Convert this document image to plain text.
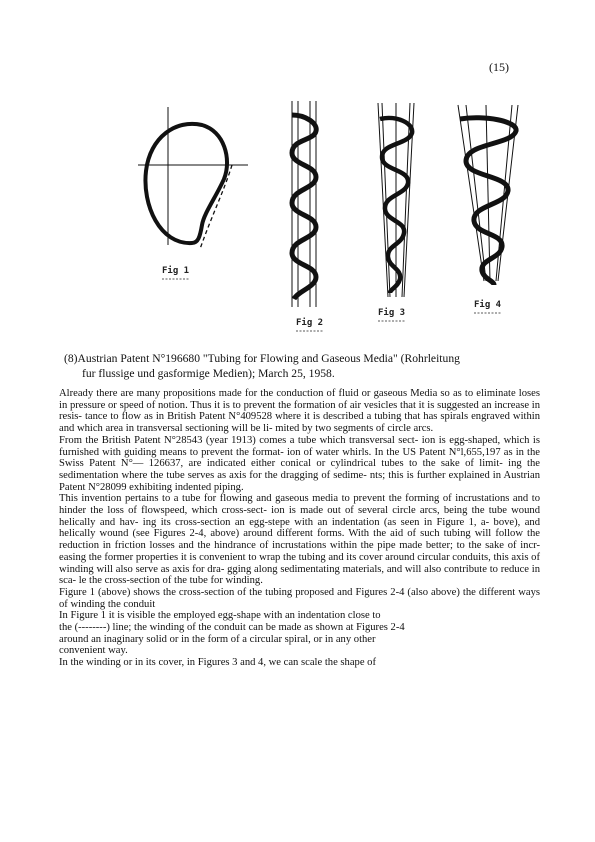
(15)
Fig 1
Fig 2
Fig 3
Fig 4
(8)Austrian Patent N°196680 "Tubing for Flowing and Gaseous Media" (Rohrleitung
fur flussige und gasformige Medien); March 25, 1958.

Already there are many propositions made for the conduction of fluid or gaseous Media so as to eliminate loses in pressure or speed of notion. Thus it is to prevent the formation of air vesicles that it is suggested an increase in resis- tance to flow as in British Patent N°409528 where it is described a tubing that has spirals engraved within and which area in transversal sectioning will be li- mited by two segments of circle arcs.

From the British Patent N°28543 (year 1913) comes a tube which transversal sect- ion is egg-shaped, which is furnished with guiding means to prevent the format- ion of water whirls. In the US Patent N°l,655,197 as in the Swiss Patent N°— 126637, are indicated either conical or cylindrical tubes to the sake of limit- ing the sedimentation where the tube serves as axis for the dragging of sedime- nts; this is further explained in Austrian Patent N°28099 exhibiting indented piping.

This invention pertains to a tube for flowing and gaseous media to prevent the forming of incrustations and to hinder the loss of flowspeed, which cross-sect- ion is made out of several circle arcs, being the tube wound helically and hav- ing its cross-section an egg-stepe with an indentation (as seen in Figure 1, a- bove), and helically wound (see Figures 2-4, above) around different forms. With the aid of such tubing will follow the reduction in friction losses and the hindrance of incrustations within the pipe made better; to the sake of incr- easing the former properties it is convenient to wrap the tubing and its cover around circular conduits, this axis of winding will also serve as axis for dra- gging along sedimentating materials, and will also contribute to reduce in sca- le the cross-section of the tube for winding.

Figure 1 (above) shows the cross-section of the tubing proposed and Figures 2-4 (also above) the different ways of winding the conduit

In Figure 1 it is visible the employed egg-shape with an indentation close to
the (--------) line; the winding of the conduit can be made as shown at Figures 2-4
around an inaginary solid or in the form of a circular spiral, or in any other
convenient way.
In the winding or in its cover, in Figures 3 and 4, we can scale the shape of
